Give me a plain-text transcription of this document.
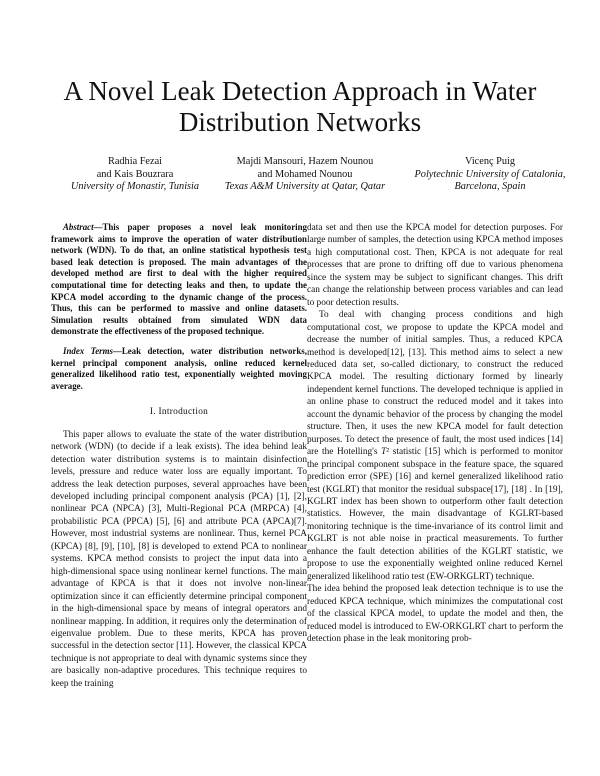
A Novel Leak Detection Approach in Water
Distribution Networks
Radhia Fezai
and Kais Bouzrara
University of Monastir, Tunisia
Majdi Mansouri, Hazem Nounou
and Mohamed Nounou
Texas A&M University at Qatar, Qatar
Vicenç Puig
Polytechnic University of Catalonia,
Barcelona, Spain

Abstract—This paper proposes a novel leak monitoring framework aims to improve the operation of water distribution network (WDN). To do that, an online statistical hypothesis test based leak detection is proposed. The main advantages of the developed method are first to deal with the higher required computational time for detecting leaks and then, to update the KPCA model according to the dynamic change of the process. Thus, this can be performed to massive and online datasets. Simulation results obtained from simulated WDN data demonstrate the effectiveness of the proposed technique.

Index Terms—Leak detection, water distribution networks, kernel principal component analysis, online reduced kernel generalized likelihood ratio test, exponentially weighted moving average.

I. Introduction

This paper allows to evaluate the state of the water distribution network (WDN) (to decide if a leak exists). The idea behind leak detection water distribution systems is to maintain disinfection levels, pressure and reduce water loss are equally important. To address the leak detection purposes, several approaches have been developed including principal component analysis (PCA) [1], [2], nonlinear PCA (NPCA) [3], Multi-Regional PCA (MRPCA) [4], probabilistic PCA (PPCA) [5], [6] and attribute PCA (APCA)[7]. However, most industrial systems are nonlinear. Thus, kernel PCA (KPCA) [8], [9], [10], [8] is developed to extend PCA to nonlinear systems. KPCA method consists to project the input data into a high-dimensional space using nonlinear kernel functions. The main advantage of KPCA is that it does not involve non-linear optimization since it can efficiently determine principal component in the high-dimensional space by means of integral operators and nonlinear mapping. In addition, it requires only the determination of eigenvalue problem. Due to these merits, KPCA has proven successful in the detection sector [11]. However, the classical KPCA technique is not appropriate to deal with dynamic systems since they are basically non-adaptive procedures. This technique requires to keep the training

data set and then use the KPCA model for detection purposes. For large number of samples, the detection using KPCA method imposes a high computational cost. Then, KPCA is not adequate for real processes that are prone to drifting off due to various phenomena since the system may be subject to significant changes. This drift can change the relationship between process variables and can lead to poor detection results.

To deal with changing process conditions and high computational cost, we propose to update the KPCA model and decrease the number of initial samples. Thus, a reduced KPCA method is developed[12], [13]. This method aims to select a new reduced data set, so-called dictionary, to construct the reduced KPCA model. The resulting dictionary formed by linearly independent kernel functions. The developed technique is applied in an online phase to construct the reduced model and it takes into account the dynamic behavior of the process by changing the model structure. Then, it uses the new KPCA model for fault detection purposes. To detect the presence of fault, the most used indices [14] are the Hotelling's T² statistic [15] which is performed to monitor the principal component subspace in the feature space, the squared prediction error (SPE) [16] and kernel generalized likelihood ratio test (KGLRT) that monitor the residual subspace[17], [18] . In [19], KGLRT index has been shown to outperform other fault detection statistics. However, the main disadvantage of KGLRT-based monitoring technique is the time-invariance of its control limit and KGLRT is not able noise in practical measurements. To further enhance the fault detection abilities of the KGLRT statistic, we propose to use the exponentially weighted online reduced Kernel generalized likelihood ratio test (EW-ORKGLRT) technique.

The idea behind the proposed leak detection technique is to use the reduced KPCA technique, which minimizes the computational cost of the classical KPCA model, to update the model and then, the reduced model is introduced to EW-ORKGLRT chart to perform the detection phase in the leak monitoring prob-
